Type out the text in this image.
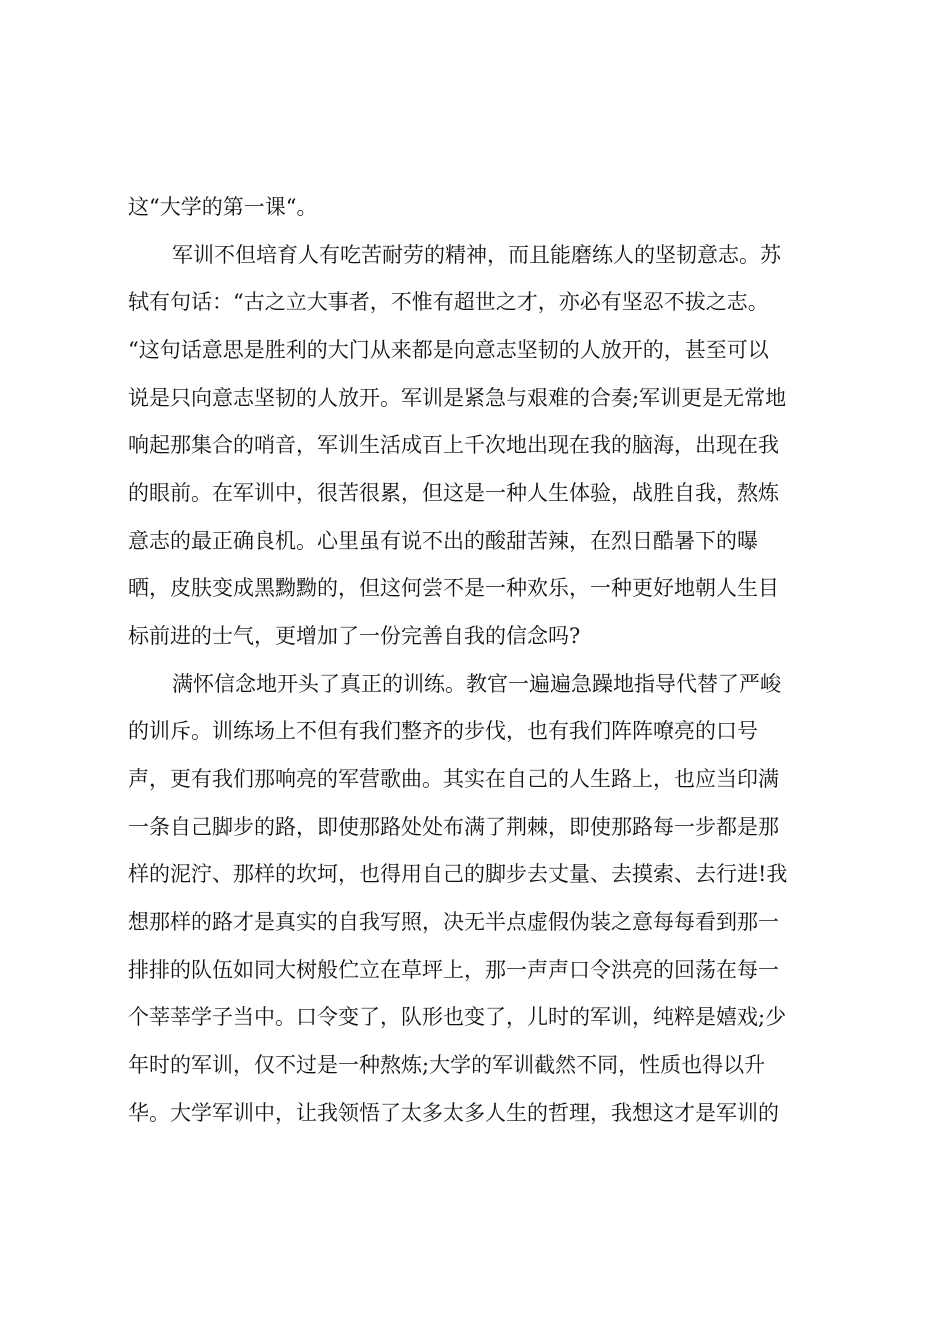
这“大学的第一课“。
军训不但培育人有吃苦耐劳的精神，而且能磨练人的坚韧意志。苏
轼有句话：“古之立大事者，不惟有超世之才，亦必有坚忍不拔之志。
“这句话意思是胜利的大门从来都是向意志坚韧的人放开的，甚至可以
说是只向意志坚韧的人放开。军训是紧急与艰难的合奏;军训更是无常地
响起那集合的哨音，军训生活成百上千次地出现在我的脑海，出现在我
的眼前。在军训中，很苦很累，但这是一种人生体验，战胜自我，熬炼
意志的最正确良机。心里虽有说不出的酸甜苦辣，在烈日酷暑下的曝
晒，皮肤变成黑黝黝的，但这何尝不是一种欢乐，一种更好地朝人生目
标前进的士气，更增加了一份完善自我的信念吗?
满怀信念地开头了真正的训练。教官一遍遍急躁地指导代替了严峻
的训斥。训练场上不但有我们整齐的步伐，也有我们阵阵嘹亮的口号
声，更有我们那响亮的军营歌曲。其实在自己的人生路上，也应当印满
一条自己脚步的路，即使那路处处布满了荆棘，即使那路每一步都是那
样的泥泞、那样的坎坷，也得用自己的脚步去丈量、去摸索、去行进!我
想那样的路才是真实的自我写照，决无半点虚假伪装之意每每看到那一
排排的队伍如同大树般伫立在草坪上，那一声声口令洪亮的回荡在每一
个莘莘学子当中。口令变了，队形也变了，儿时的军训，纯粹是嬉戏;少
年时的军训，仅不过是一种熬炼;大学的军训截然不同，性质也得以升
华。大学军训中，让我领悟了太多太多人生的哲理，我想这才是军训的
